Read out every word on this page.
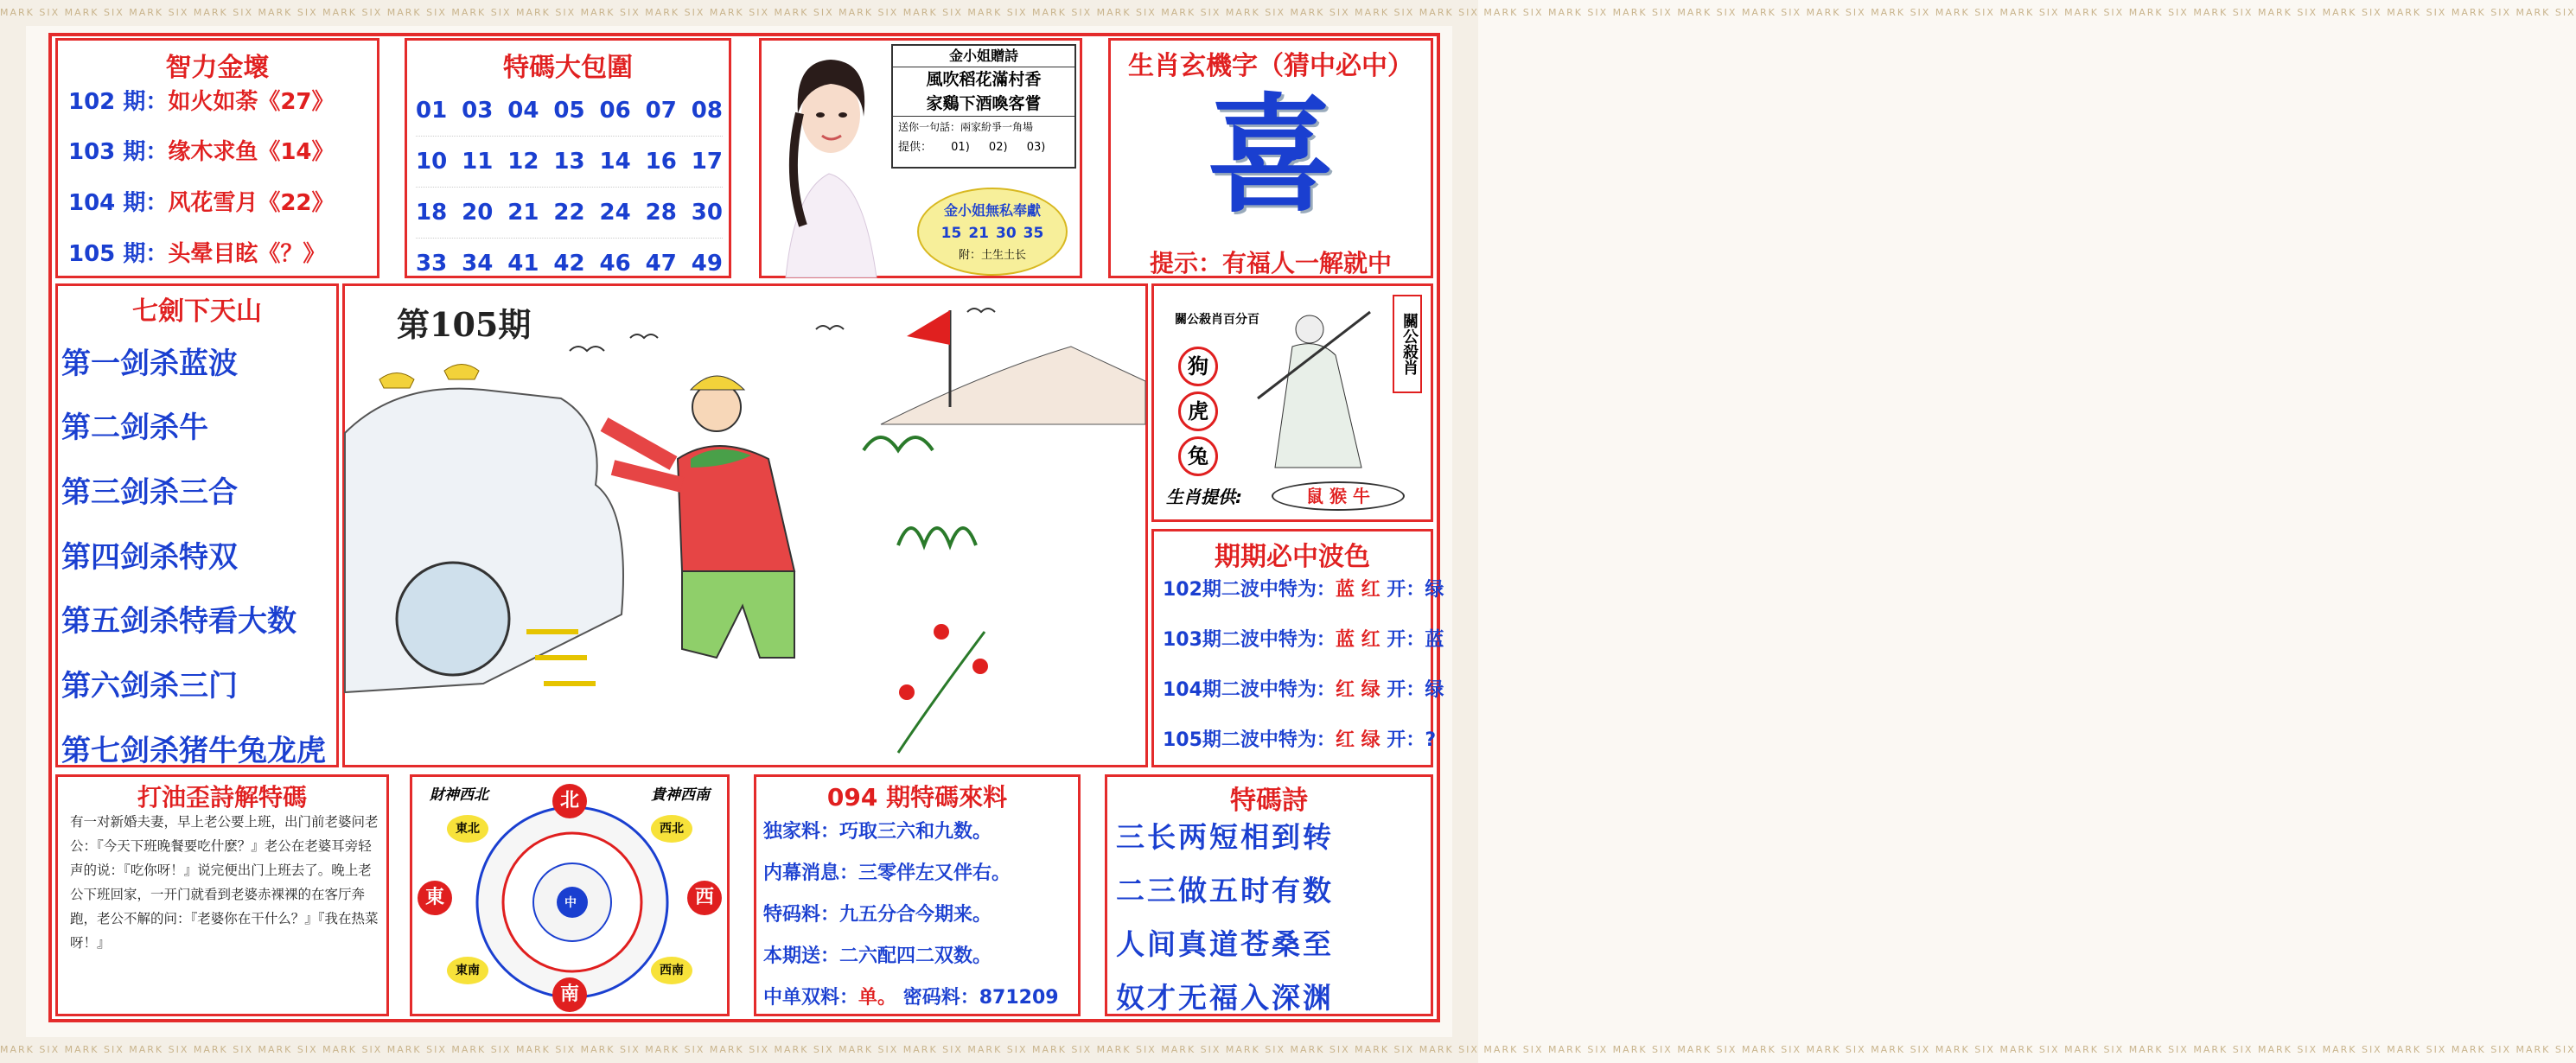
MARK SIX MARK SIX MARK SIX MARK SIX MARK SIX MARK SIX MARK SIX MARK SIX MARK SIX MARK SIX MARK SIX MARK SIX MARK SIX MARK SIX MARK SIX MARK SIX MARK SIX MARK SIX MARK SIX MARK SIX MARK SIX MARK SIX MARK SIX MARK SIX MARK SIX MARK SIX MARK SIX MARK SIX MARK SIX MARK SIX MARK SIX MARK SIX MARK SIX MARK SIX MARK SIX MARK SIX MARK SIX MARK SIX MARK SIX MARK SIX
MARK SIX MARK SIX MARK SIX MARK SIX MARK SIX MARK SIX MARK SIX MARK SIX MARK SIX MARK SIX MARK SIX MARK SIX MARK SIX MARK SIX MARK SIX MARK SIX MARK SIX MARK SIX MARK SIX MARK SIX MARK SIX MARK SIX MARK SIX MARK SIX MARK SIX MARK SIX MARK SIX MARK SIX MARK SIX MARK SIX MARK SIX MARK SIX MARK SIX MARK SIX MARK SIX MARK SIX MARK SIX MARK SIX MARK SIX MARK SIX
智力金壞
102 期：如火如荼《27》
103 期：缘木求鱼《14》
104 期：风花雪月《22》
105 期：头晕目眩《？》
特碼大包圍
01 03 04 05 06 07 08
10 11 12 13 14 16 17
18 20 21 22 24 28 30
33 34 41 42 46 47 49
金小姐贈詩
風吹稻花滿村香
家鷄下酒喚客嘗
送你一句話：兩家紛爭一角場
提供： 01) 02) 03)
金小姐無私奉獻
15 21 30 35
附：土生土长
生肖玄機字（猜中必中）
喜
提示：有福人一解就中
七劍下天山
第一剑杀蓝波
第二剑杀牛
第三剑杀三合
第四剑杀特双
第五剑杀特看大数
第六剑杀三门
第七剑杀猪牛兔龙虎
第105期	關公殺肖百分百	關公殺肖
狗
虎
兔
生肖提供:	鼠 猴 牛
期期必中波色
102期二波中特为：蓝 红 开：绿
103期二波中特为：蓝 红 开：蓝
104期二波中特为：红 绿 开：绿
105期二波中特为：红 绿 开：?
打油歪詩解特碼
有一对新婚夫妻，早上老公要上班，出门前老婆问老公：『今天下班晚餐要吃什麽？』老公在老婆耳旁轻声的说：『吃你呀！』说完便出门上班去了。晚上老公下班回家，一开门就看到老婆赤裸裸的在客厅奔跑，老公不解的问：『老婆你在干什么？』『我在热菜呀！』
財神西北	貴神西南
北
南
東	西
東北	西北
東南	西南
中
094 期特碼來料
独家料：巧取三六和九数。
内幕消息：三零伴左又伴右。
特码料：九五分合今期来。
本期送：二六配四二双数。
中单双料：单。 密码料：871209
特碼詩
三长两短相到转
二三做五时有数
人间真道苍桑至
奴才无福入深渊
